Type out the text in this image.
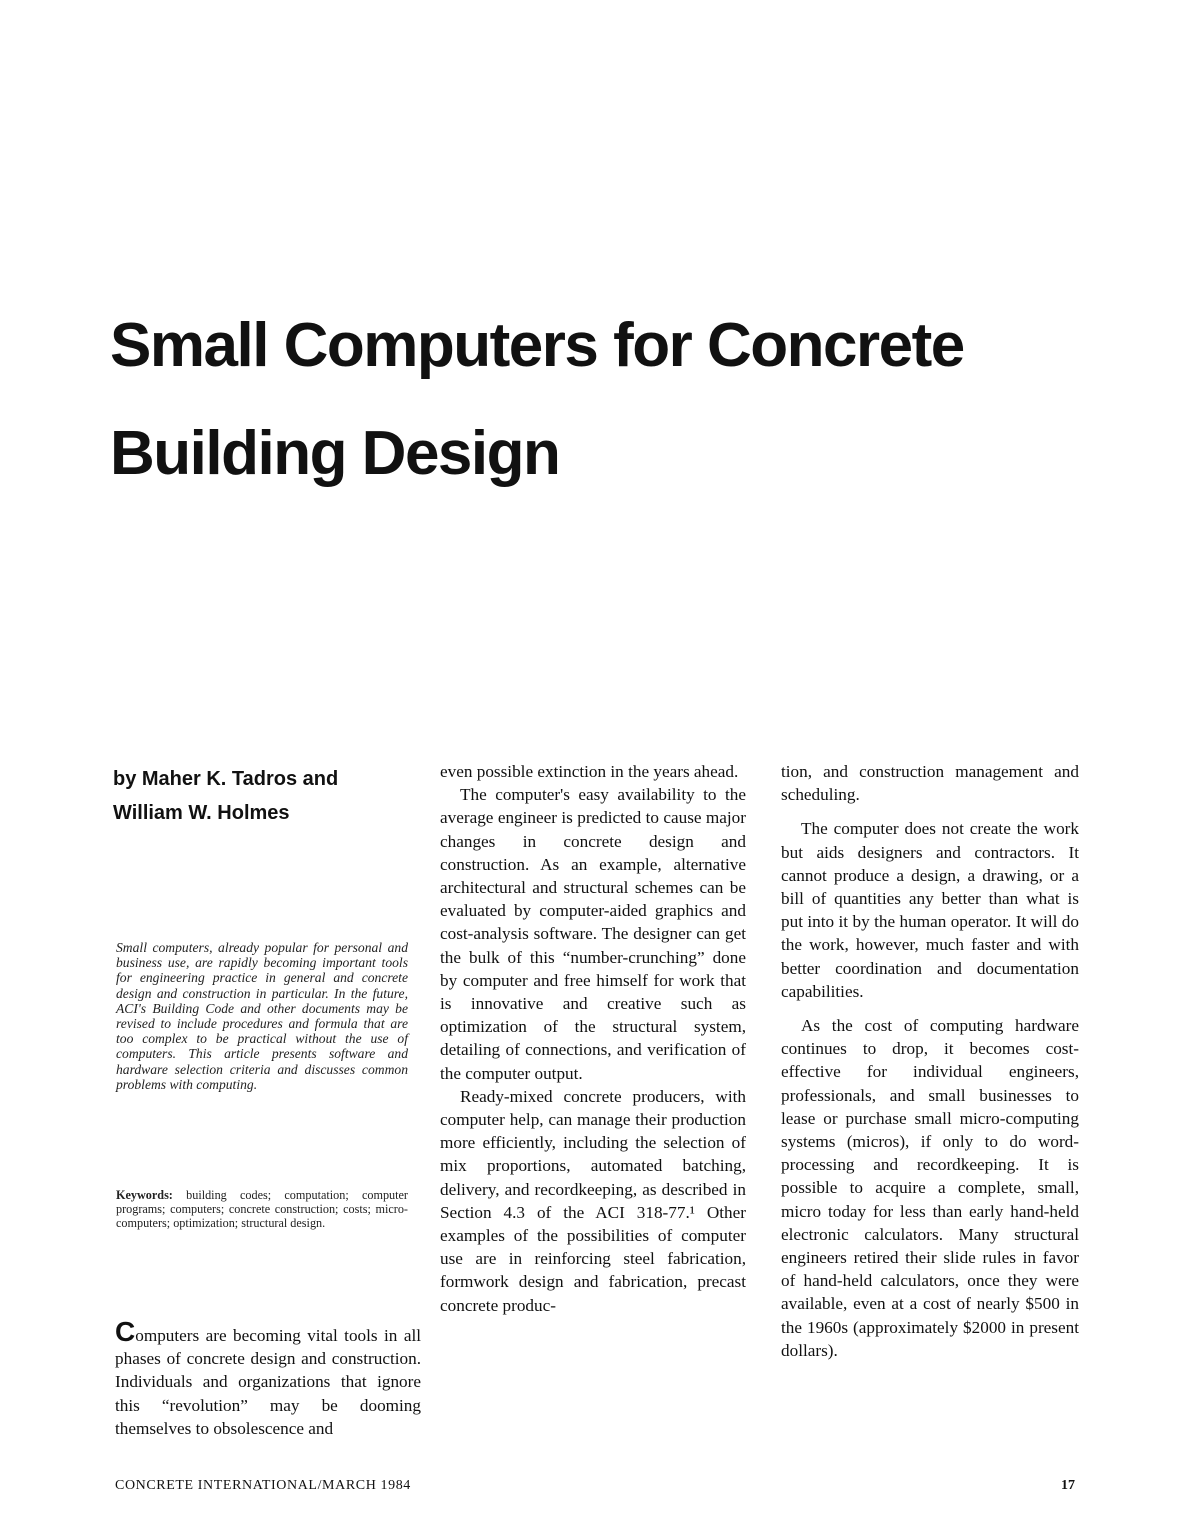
Small Computers for Concrete
Building Design
by Maher K. Tadros and
William W. Holmes
Small computers, already popular for personal and business use, are rapidly becoming important tools for engineering practice in general and concrete design and construction in particular. In the future, ACI's Building Code and other documents may be revised to include procedures and formula that are too complex to be practical without the use of computers. This article presents software and hardware selection criteria and discusses common problems with computing.
Keywords: building codes; computation; computer programs; computers; concrete construction; costs; micro-computers; optimization; structural design.

Computers are becoming vital tools in all phases of concrete design and construction. Individuals and organizations that ignore this “revolution” may be dooming themselves to obsolescence and

even possible extinction in the years ahead.

The computer's easy availability to the average engineer is predicted to cause major changes in concrete design and construction. As an example, alternative architectural and structural schemes can be evaluated by computer-aided graphics and cost-analysis software. The designer can get the bulk of this “number-crunching” done by computer and free himself for work that is innovative and creative such as optimization of the structural system, detailing of connections, and verification of the computer output.

Ready-mixed concrete producers, with computer help, can manage their production more efficiently, including the selection of mix proportions, automated batching, delivery, and recordkeeping, as described in Section 4.3 of the ACI 318-77.¹ Other examples of the possibilities of computer use are in reinforcing steel fabrication, formwork design and fabrication, precast concrete produc-

tion, and construction management and scheduling.

The computer does not create the work but aids designers and contractors. It cannot produce a design, a drawing, or a bill of quantities any better than what is put into it by the human operator. It will do the work, however, much faster and with better coordination and documentation capabilities.

As the cost of computing hardware continues to drop, it becomes cost-effective for individual engineers, professionals, and small businesses to lease or purchase small micro-computing systems (micros), if only to do word-processing and recordkeeping. It is possible to acquire a complete, small, micro today for less than early hand-held electronic calculators. Many structural engineers retired their slide rules in favor of hand-held calculators, once they were available, even at a cost of nearly $500 in the 1960s (approximately $2000 in present dollars).

CONCRETE INTERNATIONAL/MARCH 1984	17
